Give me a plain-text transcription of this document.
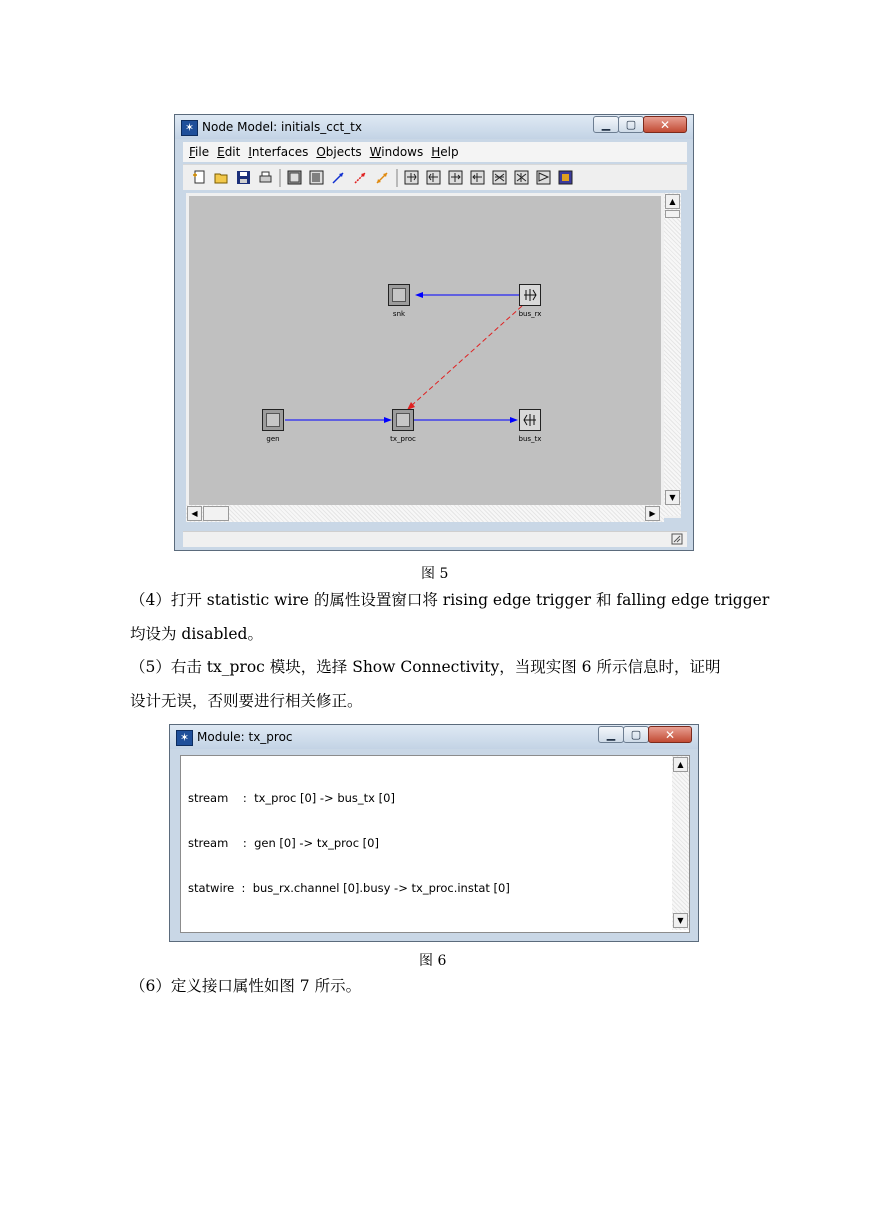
✶ Node Model: initials_cct_tx	▁	▢	✕
File Edit Interfaces Objects Windows Help
snk	bus_rx
gen	tx_proc	bus_tx
▲
▼
◀	▶
图 5
（4）打开 statistic wire 的属性设置窗口将 rising edge trigger 和 falling edge trigger
均设为 disabled。
（5）右击 tx_proc 模块，选择 Show Connectivity，当现实图 6 所示信息时，证明
设计无误，否则要进行相关修正。
✶ Module: tx_proc	▁	▢	✕

stream    :  tx_proc [0] -> bus_tx [0]

stream    :  gen [0] -> tx_proc [0]

statwire  :  bus_rx.channel [0].busy -> tx_proc.instat [0]

▲
▼
图 6
（6）定义接口属性如图 7 所示。
